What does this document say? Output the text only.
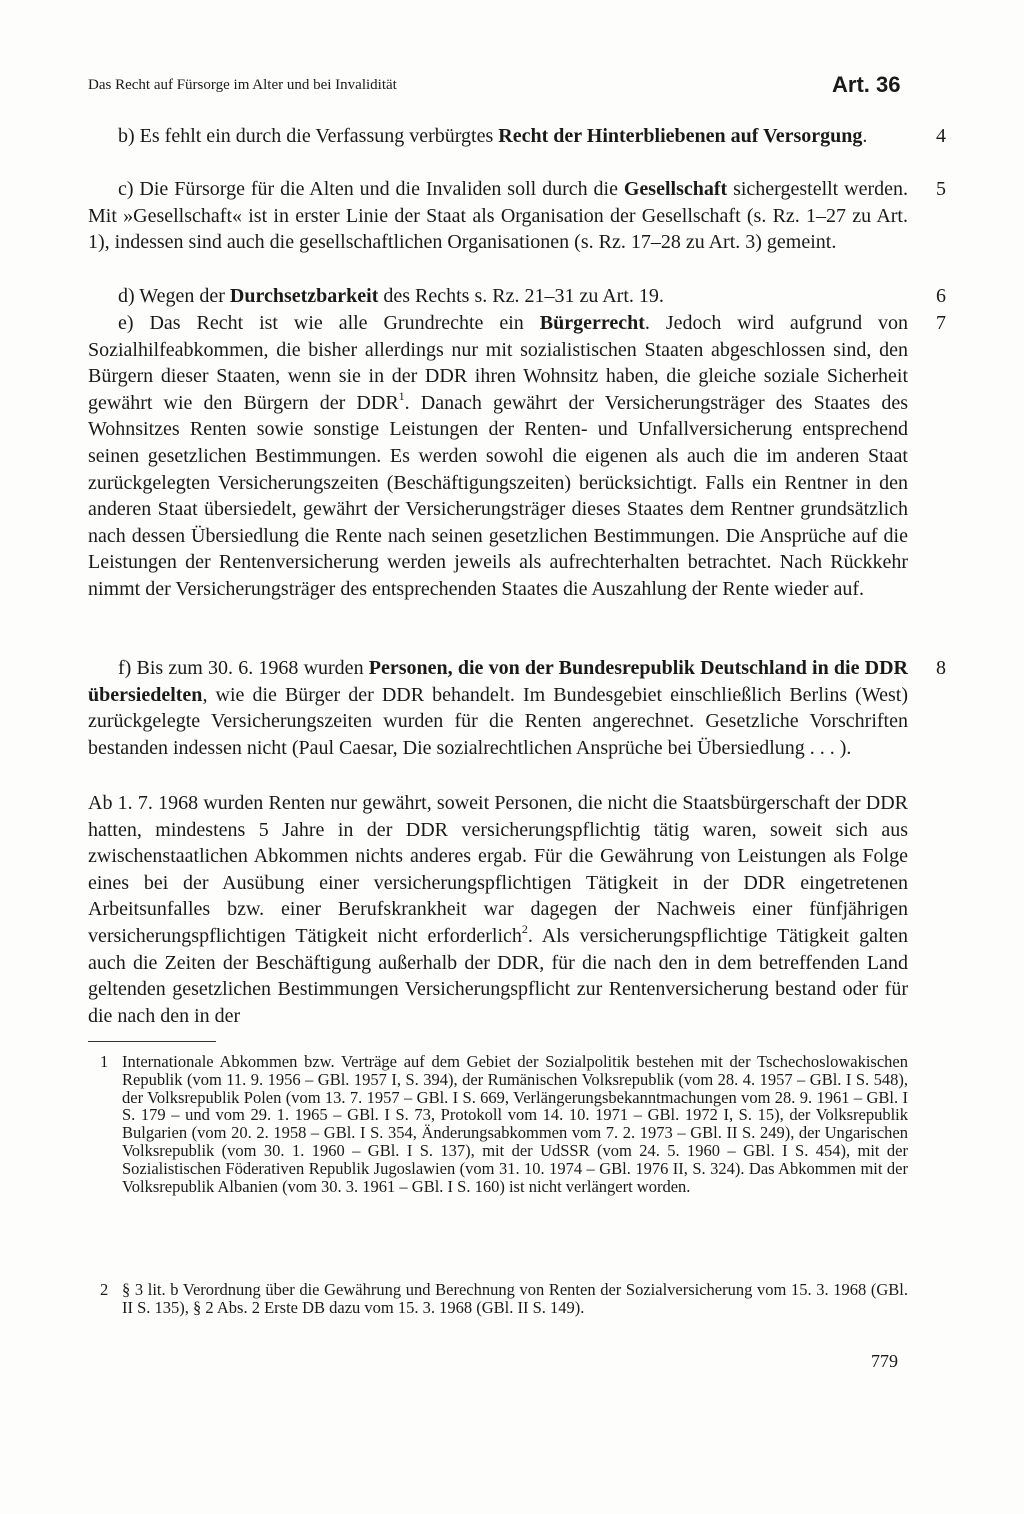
Das Recht auf Fürsorge im Alter und bei Invalidität	Art. 36
4

b) Es fehlt ein durch die Verfassung verbürgtes Recht der Hinterbliebenen auf Versorgung.

5

c) Die Fürsorge für die Alten und die Invaliden soll durch die Gesellschaft sichergestellt werden. Mit »Gesellschaft« ist in erster Linie der Staat als Organisation der Gesellschaft (s. Rz. 1–27 zu Art. 1), indessen sind auch die gesellschaftlichen Organisationen (s. Rz. 17–28 zu Art. 3) gemeint.

6

d) Wegen der Durchsetzbarkeit des Rechts s. Rz. 21–31 zu Art. 19.

7

e) Das Recht ist wie alle Grundrechte ein Bürgerrecht. Jedoch wird aufgrund von Sozialhilfeabkommen, die bisher allerdings nur mit sozialistischen Staaten abgeschlossen sind, den Bürgern dieser Staaten, wenn sie in der DDR ihren Wohnsitz haben, die gleiche soziale Sicherheit gewährt wie den Bürgern der DDR$^1$. Danach gewährt der Versicherungsträger des Staates des Wohnsitzes Renten sowie sonstige Leistungen der Renten- und Unfallversicherung entsprechend seinen gesetzlichen Bestimmungen. Es werden sowohl die eigenen als auch die im anderen Staat zurückgelegten Versicherungszeiten (Beschäftigungszeiten) berücksichtigt. Falls ein Rentner in den anderen Staat übersiedelt, gewährt der Versicherungsträger dieses Staates dem Rentner grundsätzlich nach dessen Übersiedlung die Rente nach seinen gesetzlichen Bestimmungen. Die Ansprüche auf die Leistungen der Rentenversicherung werden jeweils als aufrechterhalten betrachtet. Nach Rückkehr nimmt der Versicherungsträger des entsprechenden Staates die Auszahlung der Rente wieder auf.

8

f) Bis zum 30. 6. 1968 wurden Personen, die von der Bundesrepublik Deutschland in die DDR übersiedelten, wie die Bürger der DDR behandelt. Im Bundesgebiet einschließlich Berlins (West) zurückgelegte Versicherungszeiten wurden für die Renten angerechnet. Gesetzliche Vorschriften bestanden indessen nicht (Paul Caesar, Die sozialrechtlichen Ansprüche bei Übersiedlung . . . ).

Ab 1. 7. 1968 wurden Renten nur gewährt, soweit Personen, die nicht die Staatsbürgerschaft der DDR hatten, mindestens 5 Jahre in der DDR versicherungspflichtig tätig waren, soweit sich aus zwischenstaatlichen Abkommen nichts anderes ergab. Für die Gewährung von Leistungen als Folge eines bei der Ausübung einer versicherungspflichtigen Tätigkeit in der DDR eingetretenen Arbeitsunfalles bzw. einer Berufskrankheit war dagegen der Nachweis einer fünfjährigen versicherungspflichtigen Tätigkeit nicht erforderlich$^2$. Als versicherungspflichtige Tätigkeit galten auch die Zeiten der Beschäftigung außerhalb der DDR, für die nach den in dem betreffenden Land geltenden gesetzlichen Bestimmungen Versicherungspflicht zur Rentenversicherung bestand oder für die nach den in der

1 Internationale Abkommen bzw. Verträge auf dem Gebiet der Sozialpolitik bestehen mit der Tschechoslowakischen Republik (vom 11. 9. 1956 – GBl. 1957 I, S. 394), der Rumänischen Volksrepublik (vom 28. 4. 1957 – GBl. I S. 548), der Volksrepublik Polen (vom 13. 7. 1957 – GBl. I S. 669, Verlängerungsbekanntmachungen vom 28. 9. 1961 – GBl. I S. 179 – und vom 29. 1. 1965 – GBl. I S. 73, Protokoll vom 14. 10. 1971 – GBl. 1972 I, S. 15), der Volksrepublik Bulgarien (vom 20. 2. 1958 – GBl. I S. 354, Änderungsabkommen vom 7. 2. 1973 – GBl. II S. 249), der Ungarischen Volksrepublik (vom 30. 1. 1960 – GBl. I S. 137), mit der UdSSR (vom 24. 5. 1960 – GBl. I S. 454), mit der Sozialistischen Föderativen Republik Jugoslawien (vom 31. 10. 1974 – GBl. 1976 II, S. 324). Das Abkommen mit der Volksrepublik Albanien (vom 30. 3. 1961 – GBl. I S. 160) ist nicht verlängert worden.

2 § 3 lit. b Verordnung über die Gewährung und Berechnung von Renten der Sozialversicherung vom 15. 3. 1968 (GBl. II S. 135), § 2 Abs. 2 Erste DB dazu vom 15. 3. 1968 (GBl. II S. 149).

779
